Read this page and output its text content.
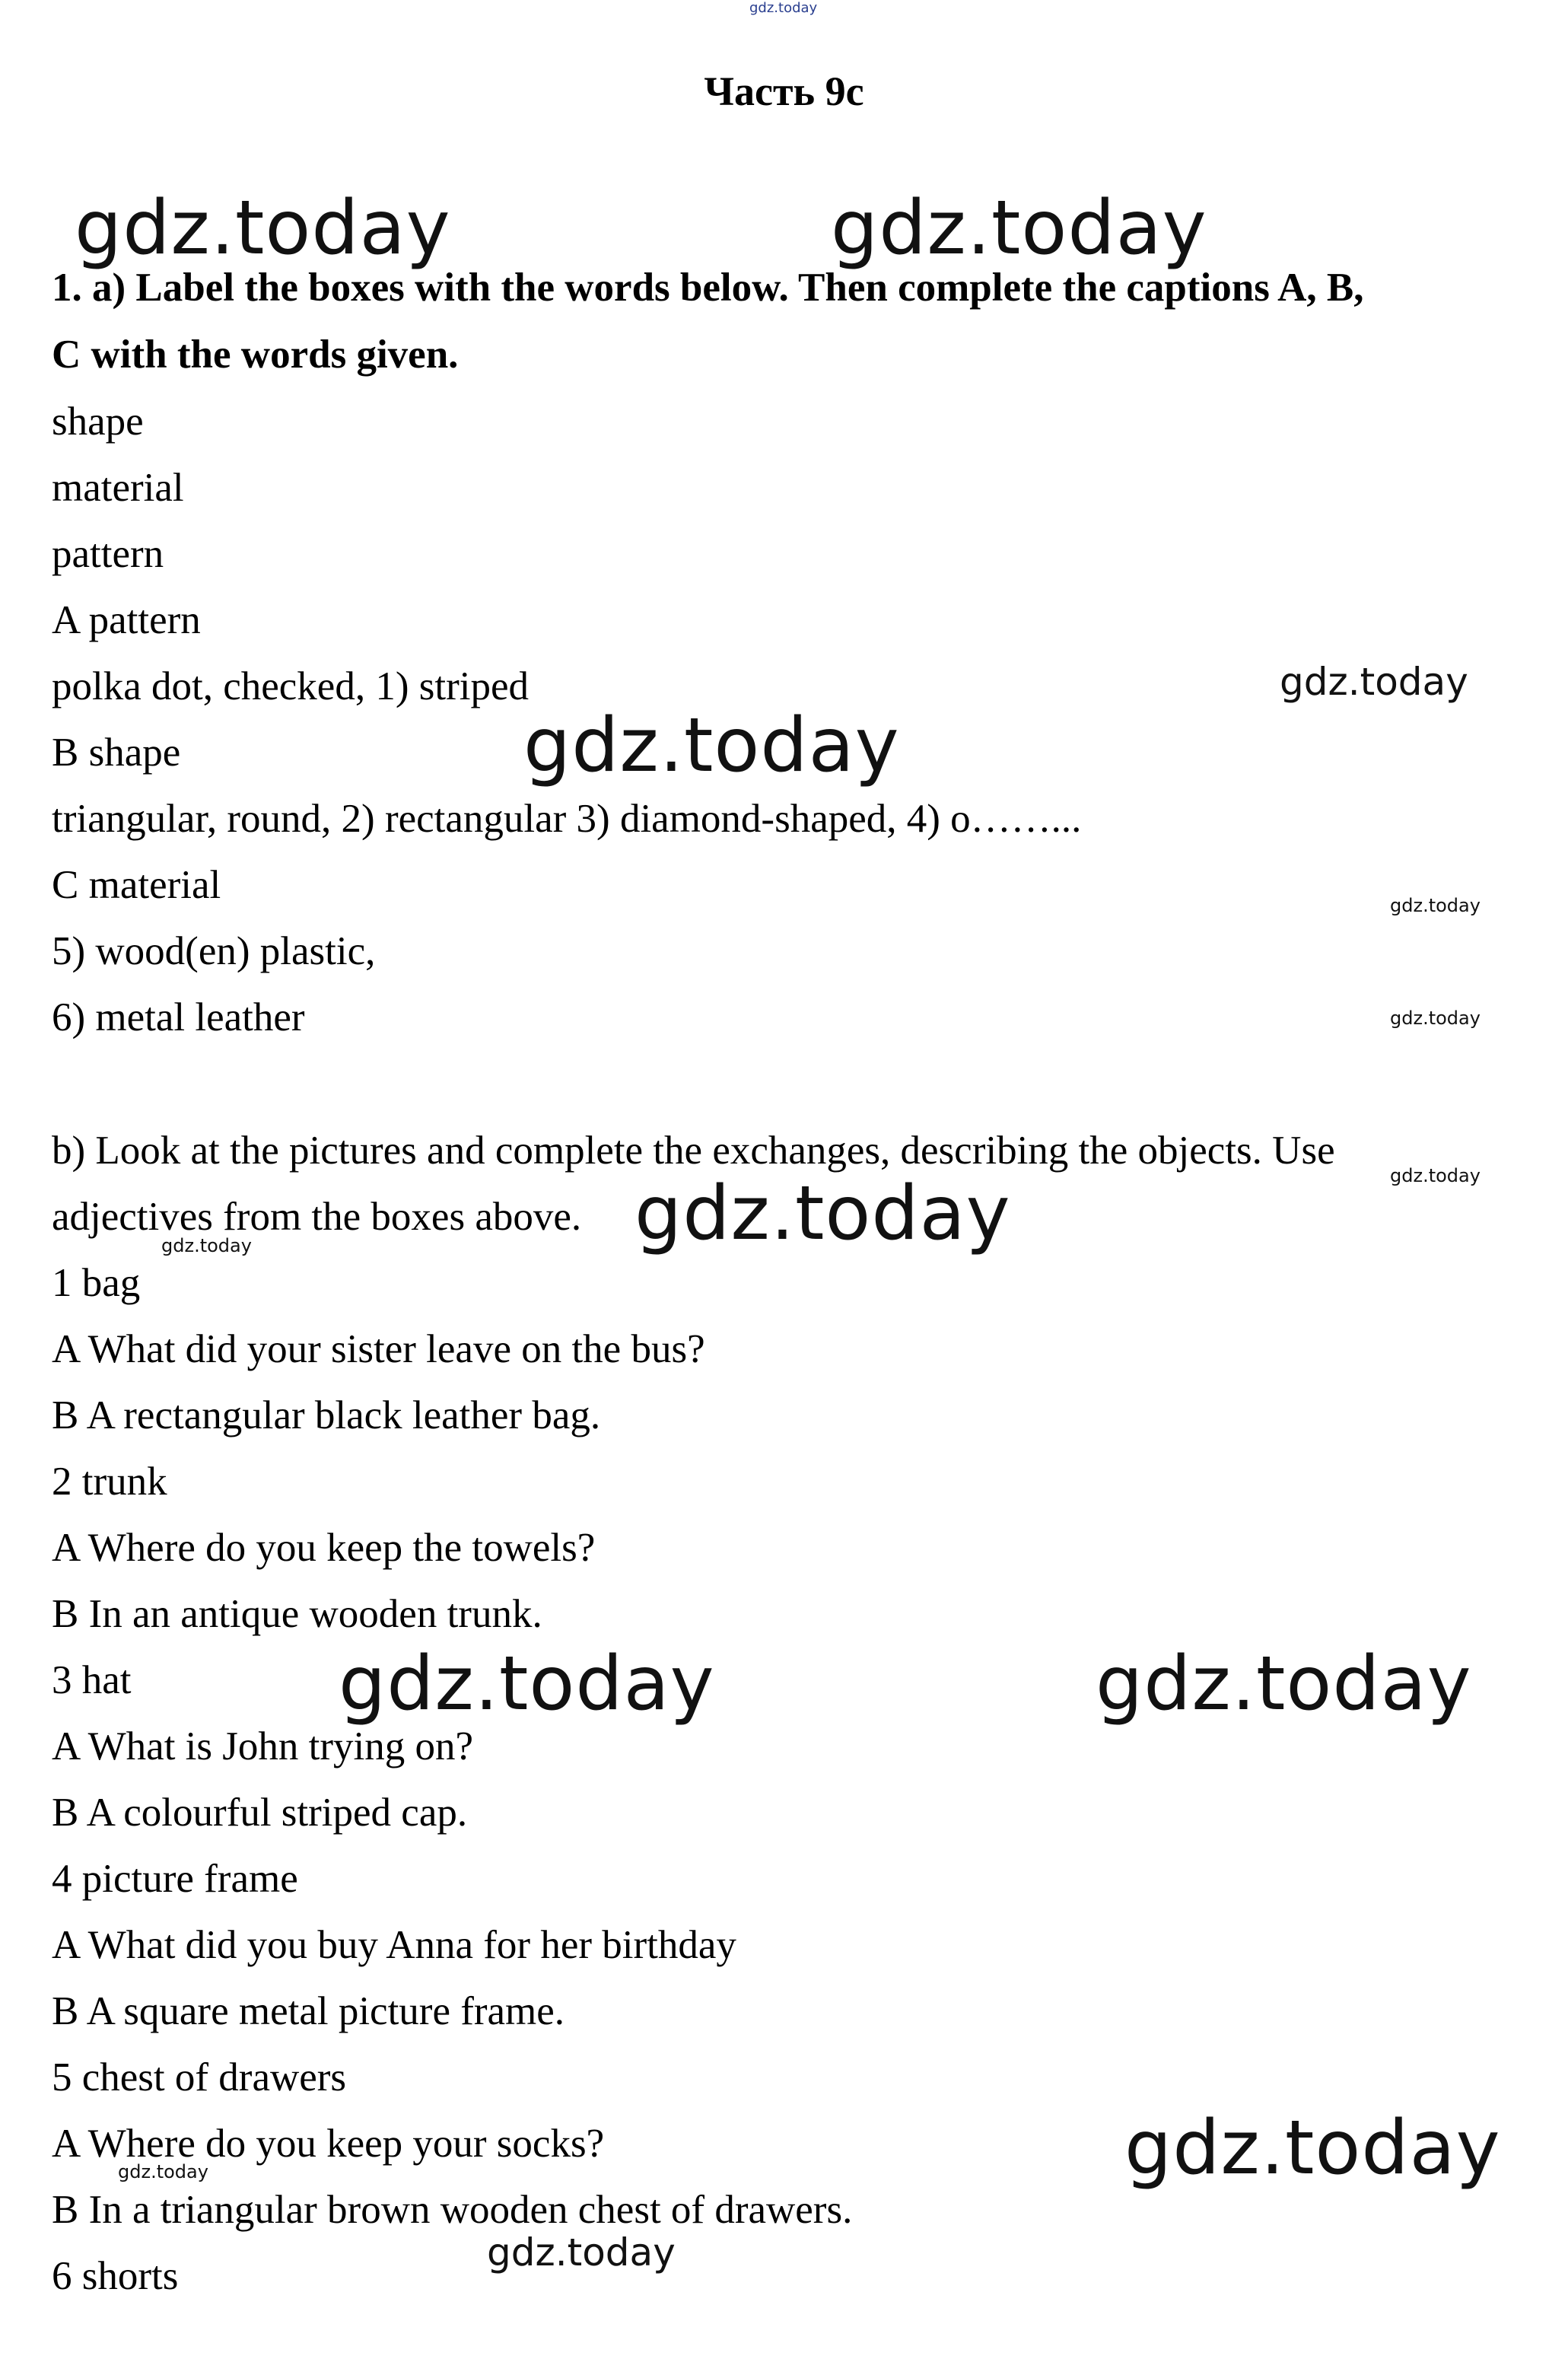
gdz.today
Часть 9с
gdz.today	gdz.today
1. a) Label the boxes with the words below. Then complete the captions A, B,
C with the words given.
shape
material
pattern
A pattern
polka dot, checked, 1) striped	gdz.today
B shape	gdz.today
triangular, round, 2) rectangular 3) diamond-shaped, 4) o……...
C material	gdz.today
5) wood(en) plastic,
6) metal leather	gdz.today
b) Look at the pictures and complete the exchanges, describing the objects. Use
gdz.today
adjectives from the boxes above. gdz.today
gdz.today
1 bag
A What did your sister leave on the bus?
B A rectangular black leather bag.
2 trunk
A Where do you keep the towels?
B In an antique wooden trunk.
3 hat	gdz.today	gdz.today
A What is John trying on?
B A colourful striped cap.
4 picture frame
A What did you buy Anna for her birthday
B A square metal picture frame.
5 chest of drawers
A Where do you keep your socks?	gdz.today
gdz.today
B In a triangular brown wooden chest of drawers.
gdz.today
6 shorts
